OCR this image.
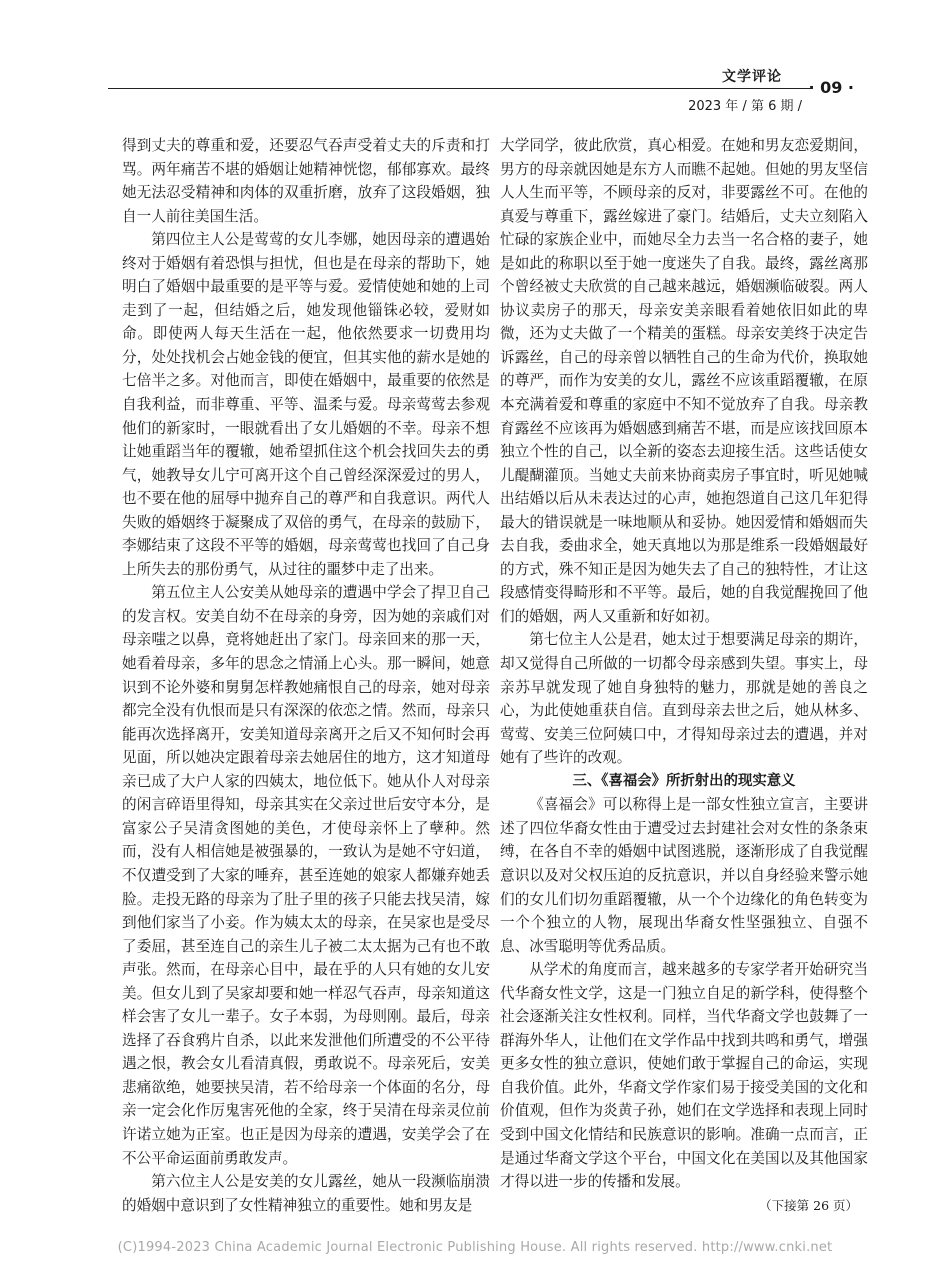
文学评论
· 09 ·
2023 年 / 第 6 期 /

得到丈夫的尊重和爱，还要忍气吞声受着丈夫的斥责和打骂。两年痛苦不堪的婚姻让她精神恍惚，郁郁寡欢。最终她无法忍受精神和肉体的双重折磨，放弃了这段婚姻，独自一人前往美国生活。

第四位主人公是莺莺的女儿李娜，她因母亲的遭遇始终对于婚姻有着恐惧与担忧，但也是在母亲的帮助下，她明白了婚姻中最重要的是平等与爱。爱情使她和她的上司走到了一起，但结婚之后，她发现他锱铢必较，爱财如命。即使两人每天生活在一起，他依然要求一切费用均分，处处找机会占她金钱的便宜，但其实他的薪水是她的七倍半之多。对他而言，即使在婚姻中，最重要的依然是自我利益，而非尊重、平等、温柔与爱。母亲莺莺去参观他们的新家时，一眼就看出了女儿婚姻的不幸。母亲不想让她重蹈当年的覆辙，她希望抓住这个机会找回失去的勇气，她教导女儿宁可离开这个自己曾经深深爱过的男人，也不要在他的屈辱中抛弃自己的尊严和自我意识。两代人失败的婚姻终于凝聚成了双倍的勇气，在母亲的鼓励下，李娜结束了这段不平等的婚姻，母亲莺莺也找回了自己身上所失去的那份勇气，从过往的噩梦中走了出来。

第五位主人公安美从她母亲的遭遇中学会了捍卫自己的发言权。安美自幼不在母亲的身旁，因为她的亲戚们对母亲嗤之以鼻，竟将她赶出了家门。母亲回来的那一天，她看着母亲，多年的思念之情涌上心头。那一瞬间，她意识到不论外婆和舅舅怎样教她痛恨自己的母亲，她对母亲都完全没有仇恨而是只有深深的依恋之情。然而，母亲只能再次选择离开，安美知道母亲离开之后又不知何时会再见面，所以她决定跟着母亲去她居住的地方，这才知道母亲已成了大户人家的四姨太，地位低下。她从仆人对母亲的闲言碎语里得知，母亲其实在父亲过世后安守本分，是富家公子吴清贪图她的美色，才使母亲怀上了孽种。然而，没有人相信她是被强暴的，一致认为是她不守妇道，不仅遭受到了大家的唾弃，甚至连她的娘家人都嫌弃她丢脸。走投无路的母亲为了肚子里的孩子只能去找吴清，嫁到他们家当了小妾。作为姨太太的母亲，在吴家也是受尽了委屈，甚至连自己的亲生儿子被二太太据为己有也不敢声张。然而，在母亲心目中，最在乎的人只有她的女儿安美。但女儿到了吴家却要和她一样忍气吞声，母亲知道这样会害了女儿一辈子。女子本弱，为母则刚。最后，母亲选择了吞食鸦片自杀，以此来发泄他们所遭受的不公平待遇之恨，教会女儿看清真假，勇敢说不。母亲死后，安美悲痛欲绝，她要挟吴清，若不给母亲一个体面的名分，母亲一定会化作厉鬼害死他的全家，终于吴清在母亲灵位前许诺立她为正室。也正是因为母亲的遭遇，安美学会了在不公平命运面前勇敢发声。

第六位主人公是安美的女儿露丝，她从一段濒临崩溃的婚姻中意识到了女性精神独立的重要性。她和男友是

大学同学，彼此欣赏，真心相爱。在她和男友恋爱期间，男方的母亲就因她是东方人而瞧不起她。但她的男友坚信人人生而平等，不顾母亲的反对，非要露丝不可。在他的真爱与尊重下，露丝嫁进了豪门。结婚后，丈夫立刻陷入忙碌的家族企业中，而她尽全力去当一名合格的妻子，她是如此的称职以至于她一度迷失了自我。最终，露丝离那个曾经被丈夫欣赏的自己越来越远，婚姻濒临破裂。两人协议卖房子的那天，母亲安美亲眼看着她依旧如此的卑微，还为丈夫做了一个精美的蛋糕。母亲安美终于决定告诉露丝，自己的母亲曾以牺牲自己的生命为代价，换取她的尊严，而作为安美的女儿，露丝不应该重蹈覆辙，在原本充满着爱和尊重的家庭中不知不觉放弃了自我。母亲教育露丝不应该再为婚姻感到痛苦不堪，而是应该找回原本独立个性的自己，以全新的姿态去迎接生活。这些话使女儿醍醐灌顶。当她丈夫前来协商卖房子事宜时，听见她喊出结婚以后从未表达过的心声，她抱怨道自己这几年犯得最大的错误就是一味地顺从和妥协。她因爱情和婚姻而失去自我，委曲求全，她天真地以为那是维系一段婚姻最好的方式，殊不知正是因为她失去了自己的独特性，才让这段感情变得畸形和不平等。最后，她的自我觉醒挽回了他们的婚姻，两人又重新和好如初。

第七位主人公是君，她太过于想要满足母亲的期许，却又觉得自己所做的一切都令母亲感到失望。事实上，母亲苏早就发现了她自身独特的魅力，那就是她的善良之心，为此使她重获自信。直到母亲去世之后，她从林多、莺莺、安美三位阿姨口中，才得知母亲过去的遭遇，并对她有了些许的改观。

三、《喜福会》所折射出的现实意义

《喜福会》可以称得上是一部女性独立宣言，主要讲述了四位华裔女性由于遭受过去封建社会对女性的条条束缚，在各自不幸的婚姻中试图逃脱，逐渐形成了自我觉醒意识以及对父权压迫的反抗意识，并以自身经验来警示她们的女儿们切勿重蹈覆辙，从一个个边缘化的角色转变为一个个独立的人物，展现出华裔女性坚强独立、自强不息、冰雪聪明等优秀品质。

从学术的角度而言，越来越多的专家学者开始研究当代华裔女性文学，这是一门独立自足的新学科，使得整个社会逐渐关注女性权利。同样，当代华裔文学也鼓舞了一群海外华人，让他们在文学作品中找到共鸣和勇气，增强更多女性的独立意识，使她们敢于掌握自己的命运，实现自我价值。此外，华裔文学作家们易于接受美国的文化和价值观，但作为炎黄子孙，她们在文学选择和表现上同时受到中国文化情结和民族意识的影响。准确一点而言，正是通过华裔文学这个平台，中国文化在美国以及其他国家才得以进一步的传播和发展。

（下接第 26 页）

(C)1994-2023 China Academic Journal Electronic Publishing House. All rights reserved. http://www.cnki.net
